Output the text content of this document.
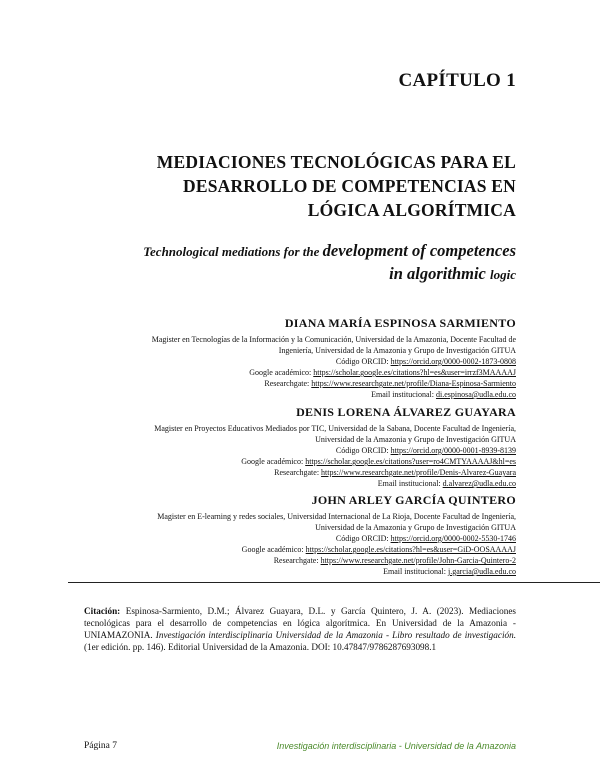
CAPÍTULO 1
MEDIACIONES TECNOLÓGICAS PARA EL
DESARROLLO DE COMPETENCIAS EN
LÓGICA ALGORÍTMICA
Technological mediations for the development of competences
in algorithmic logic
DIANA MARÍA ESPINOSA SARMIENTO
Magister en Tecnologías de la Información y la Comunicación, Universidad de la Amazonia, Docente Facultad de
Ingeniería, Universidad de la Amazonia y Grupo de Investigación GITUA
Código ORCID: https://orcid.org/0000-0002-1873-0808
Google académico: https://scholar.google.es/citations?hl=es&user=irrzf3MAAAAJ
Researchgate: https://www.researchgate.net/profile/Diana-Espinosa-Sarmiento
Email institucional: di.espinosa@udla.edu.co
DENIS LORENA ÁLVAREZ GUAYARA
Magister en Proyectos Educativos Mediados por TIC, Universidad de la Sabana, Docente Facultad de Ingeniería,
Universidad de la Amazonia y Grupo de Investigación GITUA
Código ORCID: https://orcid.org/0000-0001-8939-8139
Google académico: https://scholar.google.es/citations?user=ro4CMTYAAAAJ&hl=es
Researchgate: https://www.researchgate.net/profile/Denis-Alvarez-Guayara
Email institucional: d.alvarez@udla.edu.co
JOHN ARLEY GARCÍA QUINTERO
Magister en E-learning y redes sociales, Universidad Internacional de La Rioja, Docente Facultad de Ingeniería,
Universidad de la Amazonia y Grupo de Investigación GITUA
Código ORCID: https://orcid.org/0000-0002-5530-1746
Google académico: https://scholar.google.es/citations?hl=es&user=GiD-OOSAAAAJ
Researchgate: https://www.researchgate.net/profile/John-Garcia-Quintero-2
Email institucional: j.garcia@udla.edu.co
Citación: Espinosa-Sarmiento, D.M.; Álvarez Guayara, D.L. y García Quintero, J. A. (2023). Mediaciones tecnológicas para el desarrollo de competencias en lógica algorítmica. En Universidad de la Amazonia - UNIAMAZONIA. Investigación interdisciplinaria Universidad de la Amazonia - Libro resultado de investigación. (1er edición. pp. 146). Editorial Universidad de la Amazonia. DOI: 10.47847/9786287693098.1
Página 7	Investigación interdisciplinaria - Universidad de la Amazonia
